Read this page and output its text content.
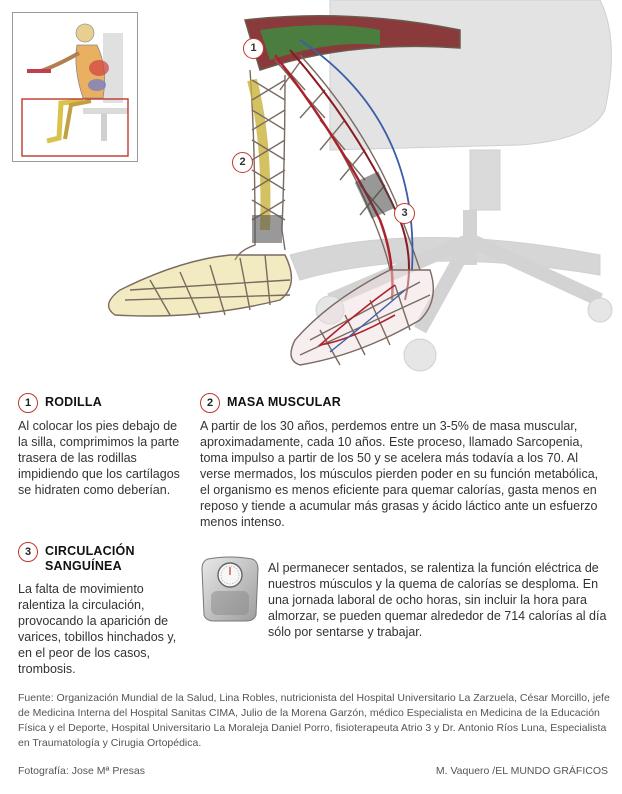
1
2
3
1	RODILLA

Al colocar los pies debajo de la silla, comprimimos la parte trasera de las rodillas impidiendo que los cartílagos se hidraten como deberían.

2	MASA MUSCULAR

A partir de los 30 años, perdemos entre un 3-5% de masa muscular, aproximadamente, cada 10 años. Este proceso, llamado Sarcopenia, toma impulso a partir de los 50 y se acelera más todavía a los 70. Al verse mermados, los músculos pierden poder en su función metabólica, el organismo es menos eficiente para quemar calorías, gasta menos en reposo y tiende a acumular más grasas y ácido láctico ante un esfuerzo menos intenso.

3	CIRCULACIÓN
SANGUÍNEA

La falta de movimiento ralentiza la circulación, provocando la aparición de varices, tobillos hinchados y, en el peor de los casos, trombosis.

Al permanecer sentados, se ralentiza la función eléctrica de nuestros músculos y la quema de calorías se desploma. En una jornada laboral de ocho horas, sin incluir la hora para almorzar, se pueden quemar alrededor de 714 calorías al día sólo por sentarse y trabajar.

Fuente: Organización Mundial de la Salud, Lina Robles, nutricionista del Hospital Universitario La Zarzuela, César Morcillo, jefe de Medicina Interna del Hospital Sanitas CIMA, Julio de la Morena Garzón, médico Especialista en Medicina de la Educación Física y el Deporte, Hospital Universitario La Moraleja Daniel Porro, fisioterapeuta Atrio 3 y Dr. Antonio Ríos Luna, Especialista en Traumatología y Cirugia Ortopédica.

Fotografía: Jose Mª Presas	M. Vaquero /EL MUNDO GRÁFICOS
